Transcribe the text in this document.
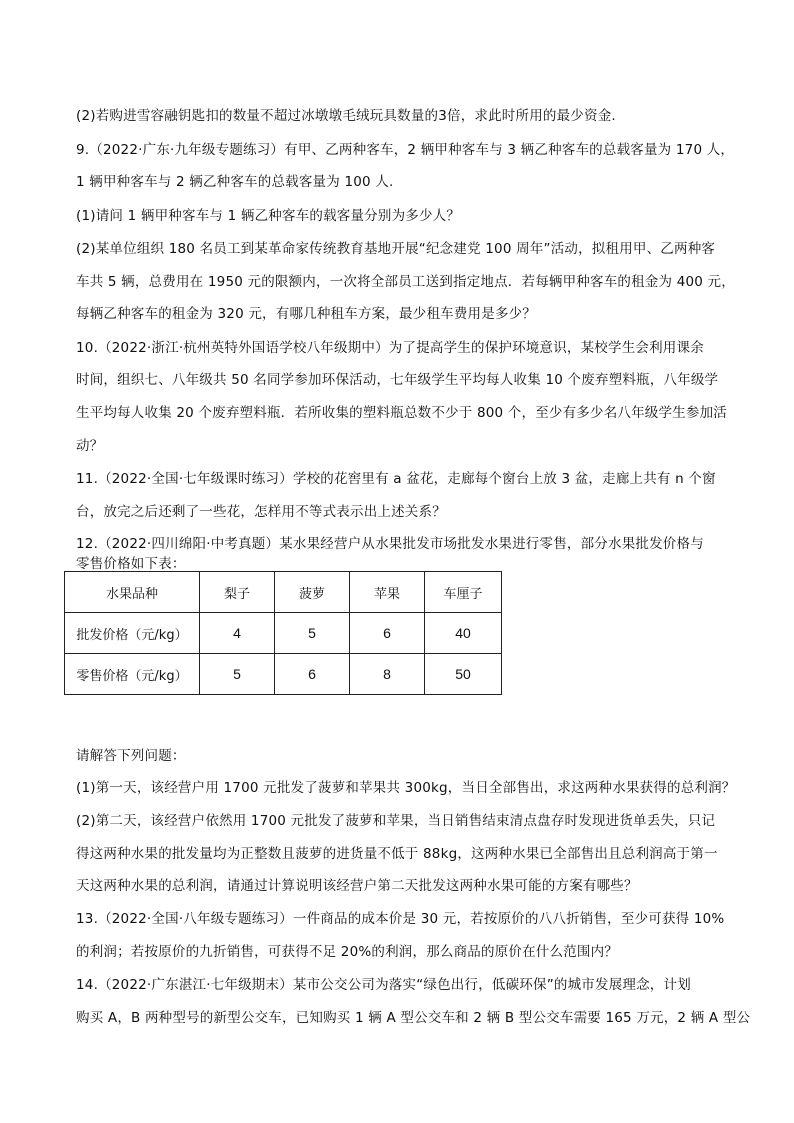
(2)若购进雪容融钥匙扣的数量不超过冰墩墩毛绒玩具数量的3倍，求此时所用的最少资金.
9.（2022·广东·九年级专题练习）有甲、乙两种客车，2 辆甲种客车与 3 辆乙种客车的总载客量为 170 人，
1 辆甲种客车与 2 辆乙种客车的总载客量为 100 人.
(1)请问 1 辆甲种客车与 1 辆乙种客车的载客量分别为多少人？
(2)某单位组织 180 名员工到某革命家传统教育基地开展“纪念建党 100 周年”活动，拟租用甲、乙两种客
车共 5 辆，总费用在 1950 元的限额内，一次将全部员工送到指定地点．若每辆甲种客车的租金为 400 元，
每辆乙种客车的租金为 320 元，有哪几种租车方案，最少租车费用是多少？
10.（2022·浙江·杭州英特外国语学校八年级期中）为了提高学生的保护环境意识，某校学生会利用课余
时间，组织七、八年级共 50 名同学参加环保活动，七年级学生平均每人收集 10 个废弃塑料瓶，八年级学
生平均每人收集 20 个废弃塑料瓶．若所收集的塑料瓶总数不少于 800 个，至少有多少名八年级学生参加活
动？
11.（2022·全国·七年级课时练习）学校的花窖里有 a 盆花，走廊每个窗台上放 3 盆，走廊上共有 n 个窗
台，放完之后还剩了一些花，怎样用不等式表示出上述关系？
12.（2022·四川绵阳·中考真题）某水果经营户从水果批发市场批发水果进行零售，部分水果批发价格与
零售价格如下表：
水果品种	梨子	菠萝	苹果	车厘子
批发价格（元/kg）	4	5	6	40
零售价格（元/kg）	5	6	8	50
请解答下列问题：
(1)第一天，该经营户用 1700 元批发了菠萝和苹果共 300kg，当日全部售出，求这两种水果获得的总利润？
(2)第二天，该经营户依然用 1700 元批发了菠萝和苹果，当日销售结束清点盘存时发现进货单丢失，只记
得这两种水果的批发量均为正整数且菠萝的进货量不低于 88kg，这两种水果已全部售出且总利润高于第一
天这两种水果的总利润，请通过计算说明该经营户第二天批发这两种水果可能的方案有哪些？
13.（2022·全国·八年级专题练习）一件商品的成本价是 30 元，若按原价的八八折销售，至少可获得 10%
的利润；若按原价的九折销售，可获得不足 20%的利润，那么商品的原价在什么范围内？
14.（2022·广东湛江·七年级期末）某市公交公司为落实“绿色出行，低碳环保”的城市发展理念，计划
购买 A，B 两种型号的新型公交车，已知购买 1 辆 A 型公交车和 2 辆 B 型公交车需要 165 万元，2 辆 A 型公
